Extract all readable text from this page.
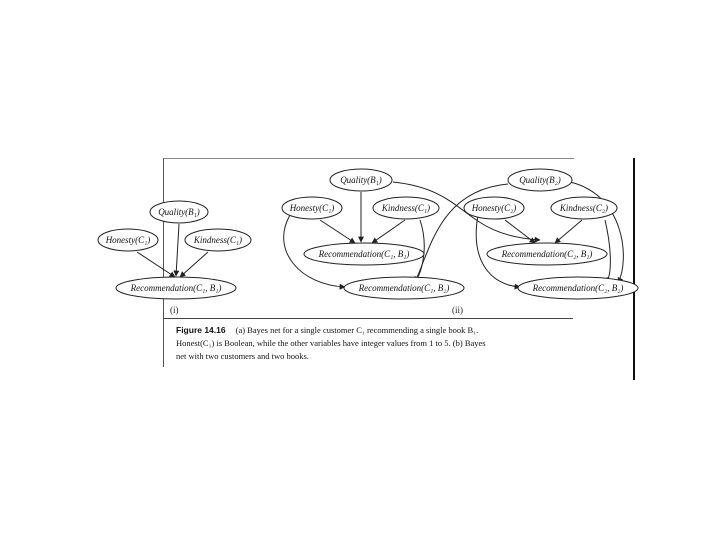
Quality(B₁)
Honesty(C₁)	Kindness(C₁)
Recommendation(C₁, B₁)
(i)
Quality(B₁)	Quality(B₂)
Honesty(C₁)	Kindness(C₁)	Honesty(C₂)	Kindness(C₂)
Recommendation(C₁, B₁)	Recommendation(C₂, B₁)
Recommendation(C₁, B₂)	Recommendation(C₂, B₂)
(ii)
Figure 14.16 (a) Bayes net for a single customer C₁ recommending a single book B₁.
Honest(C₁) is Boolean, while the other variables have integer values from 1 to 5. (b) Bayes
net with two customers and two books.
